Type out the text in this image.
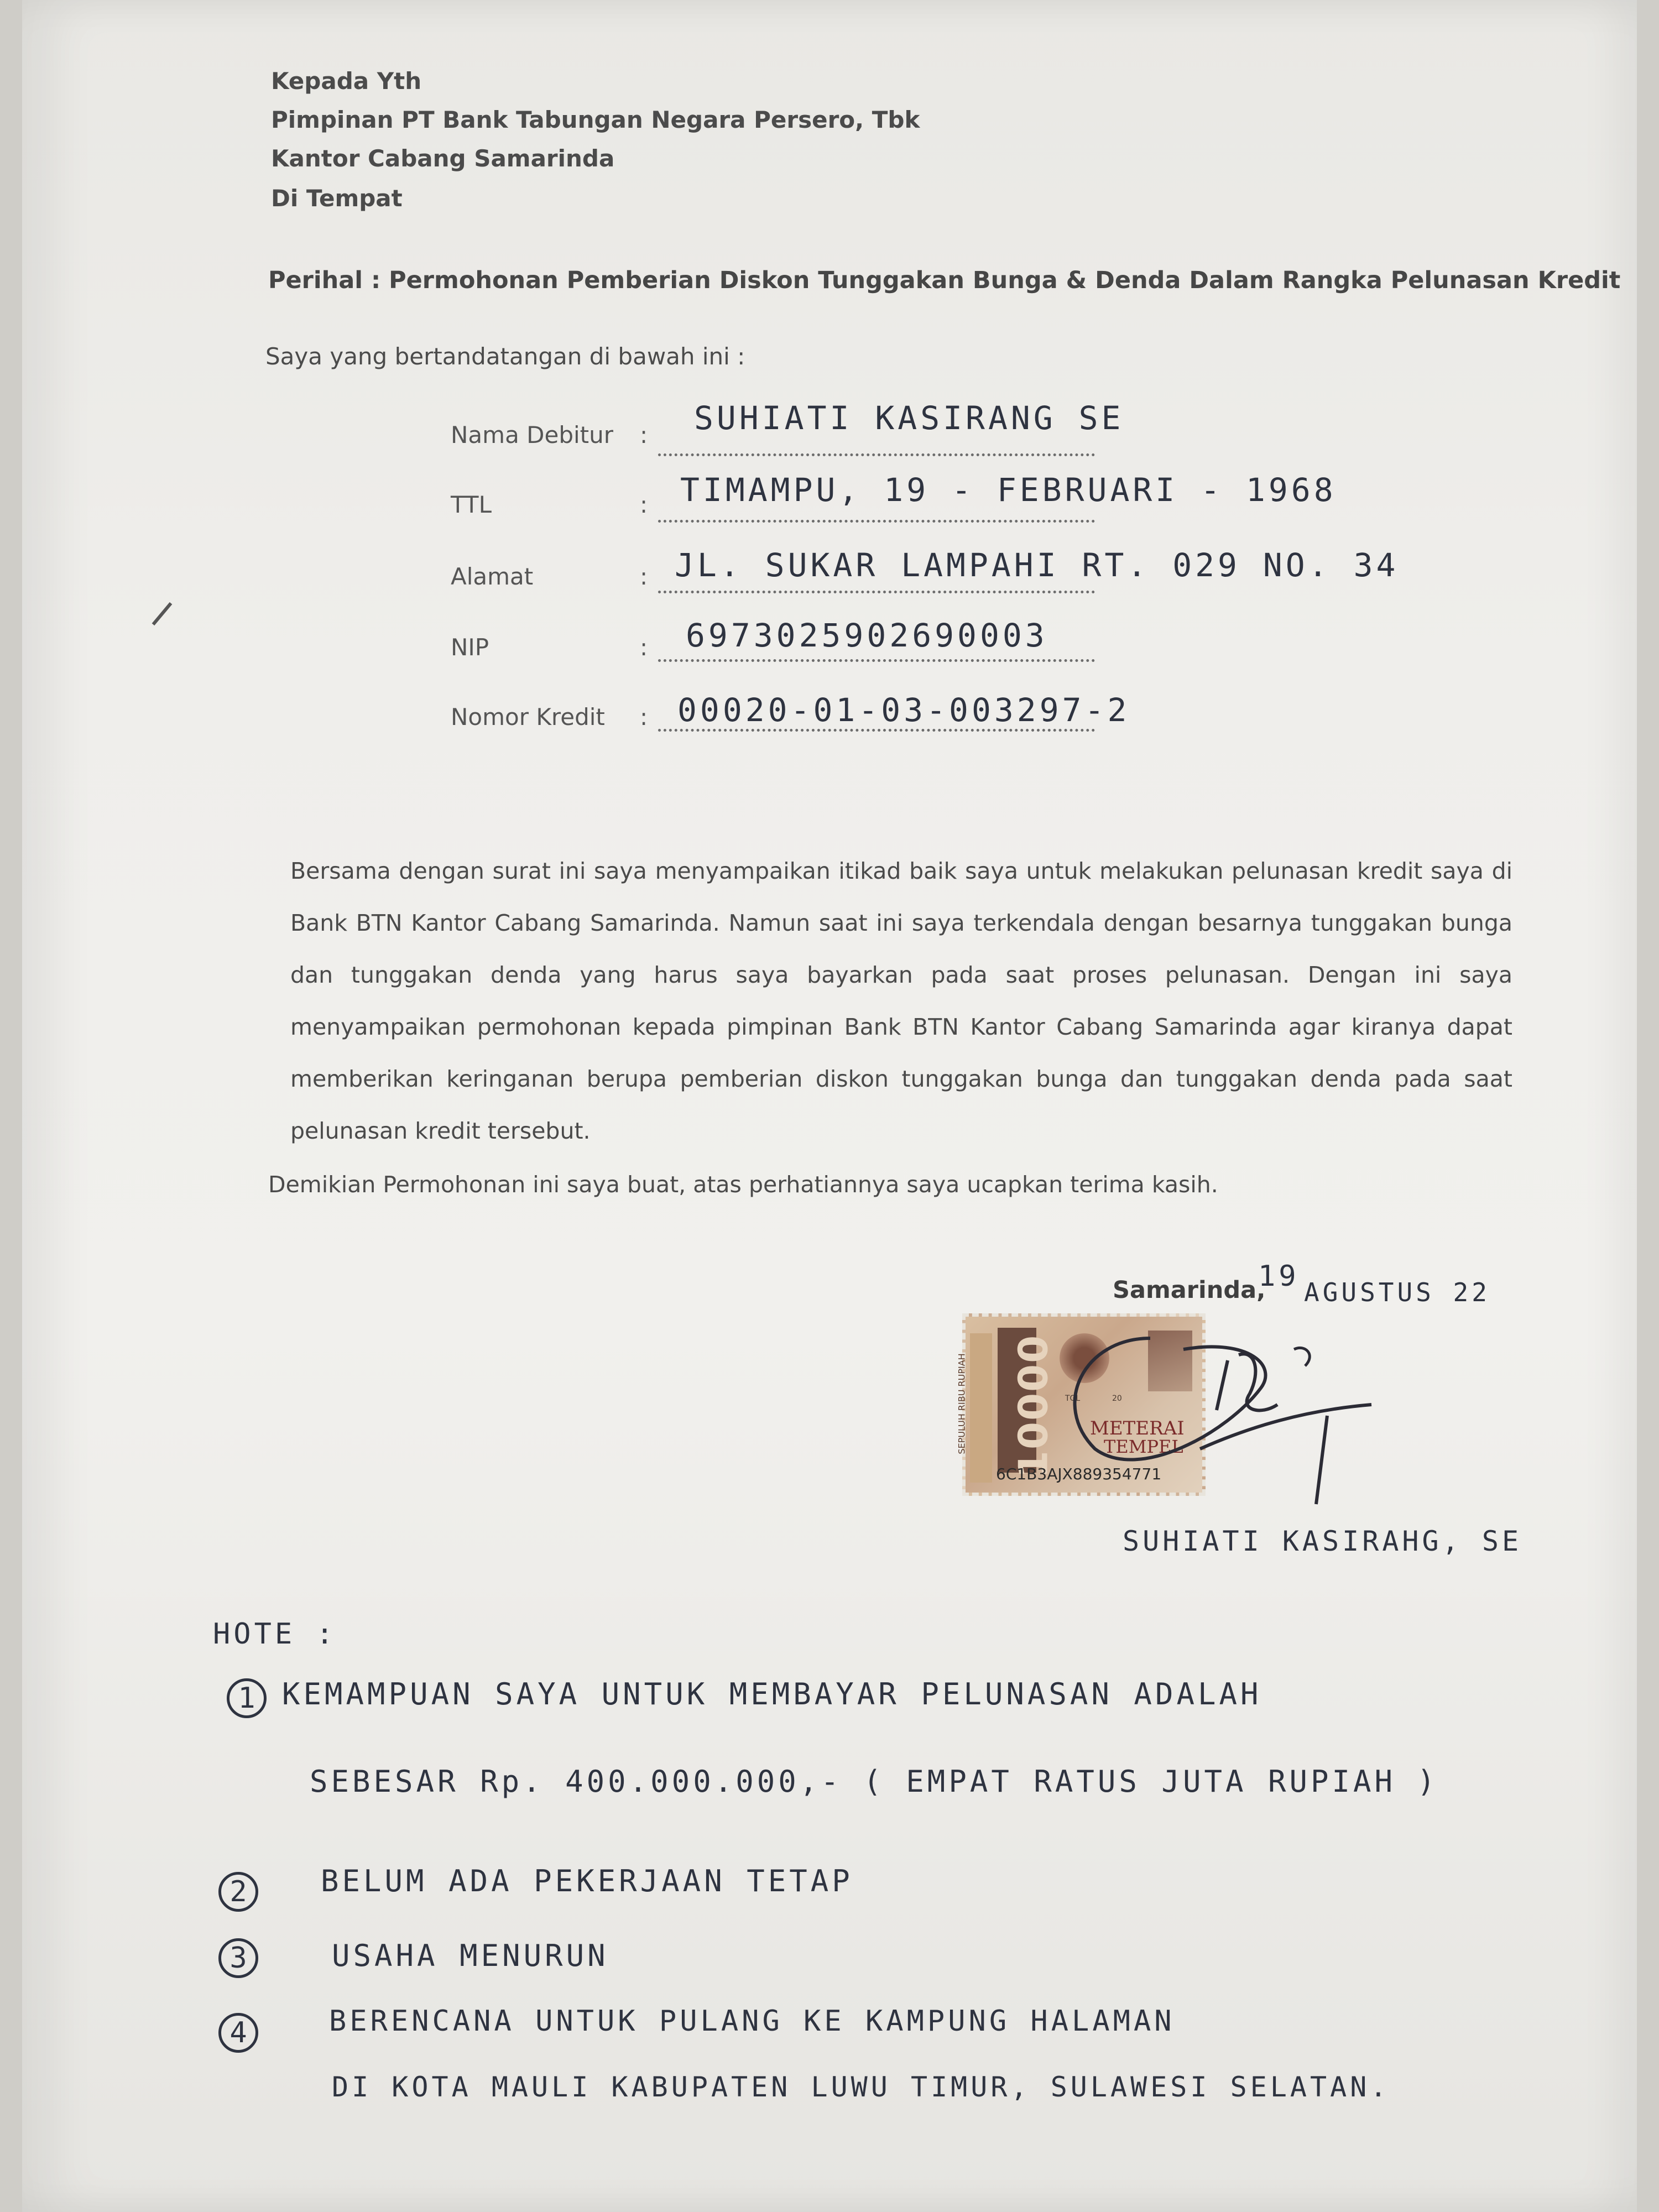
Kepada Yth
Pimpinan PT Bank Tabungan Negara Persero, Tbk
Kantor Cabang Samarinda
Di Tempat
Perihal : Permohonan Pemberian Diskon Tunggakan Bunga & Denda Dalam Rangka Pelunasan Kredit
Saya yang bertandatangan di bawah ini :
Nama Debitur : SUHIATI KASIRANG SE
TTL	: TIMAMPU, 19 - FEBRUARI - 1968
Alamat	: JL. SUKAR LAMPAHI RT. 029 NO. 34
NIP	: 6973025902690003
Nomor Kredit : 00020-01-03-003297-2
Bersama dengan surat ini saya menyampaikan itikad baik saya untuk melakukan pelunasan kredit saya di Bank BTN Kantor Cabang Samarinda. Namun saat ini saya terkendala dengan besarnya tunggakan bunga dan tunggakan denda yang harus saya bayarkan pada saat proses pelunasan. Dengan ini saya menyampaikan permohonan kepada pimpinan Bank BTN Kantor Cabang Samarinda agar kiranya dapat memberikan keringanan berupa pemberian diskon tunggakan bunga dan tunggakan denda pada saat pelunasan kredit tersebut.
Demikian Permohonan ini saya buat, atas perhatiannya saya ucapkan terima kasih.
Samarinda,
19 AGUSTUS 22
SEPULUH RIBU RUPIAH 10000 TGL	20
METERAI
TEMPEL
6C1B3AJX889354771
SUHIATI KASIRAHG, SE
HOTE :
1 KEMAMPUAN SAYA UNTUK MEMBAYAR PELUNASAN ADALAH
SEBESAR Rp. 400.000.000,- ( EMPAT RATUS JUTA RUPIAH )
2	BELUM ADA PEKERJAAN TETAP
3	USAHA MENURUN
4	BERENCANA UNTUK PULANG KE KAMPUNG HALAMAN
DI KOTA MAULI KABUPATEN LUWU TIMUR, SULAWESI SELATAN.
